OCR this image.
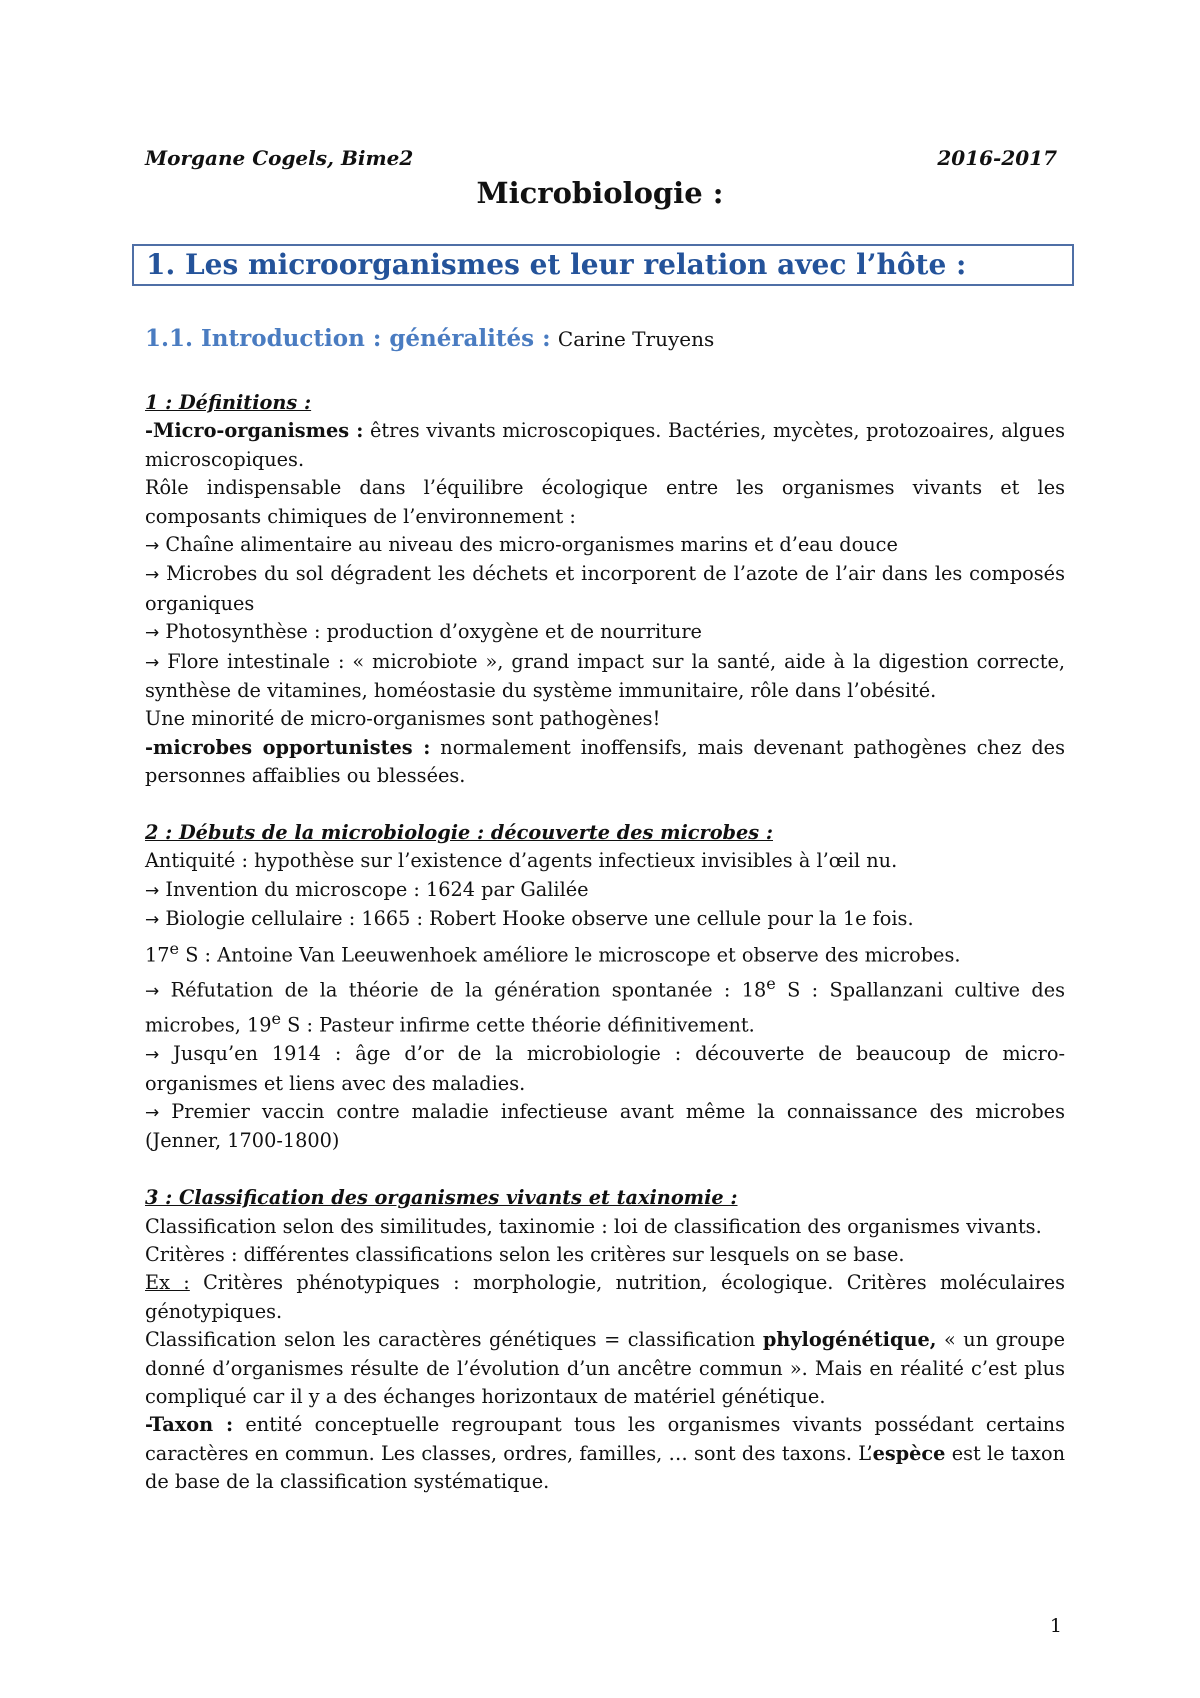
Morgane Cogels, Bime2	2016-2017
Microbiologie :
1. Les microorganismes et leur relation avec l’hôte :
1.1. Introduction : généralités : Carine Truyens

1 : Définitions :

-Micro-organismes : êtres vivants microscopiques. Bactéries, mycètes, protozoaires, algues microscopiques.

Rôle indispensable dans l’équilibre écologique entre les organismes vivants et les composants chimiques de l’environnement :

→ Chaîne alimentaire au niveau des micro-organismes marins et d’eau douce

→ Microbes du sol dégradent les déchets et incorporent de l’azote de l’air dans les composés organiques

→ Photosynthèse : production d’oxygène et de nourriture

→ Flore intestinale : « microbiote », grand impact sur la santé, aide à la digestion correcte, synthèse de vitamines, homéostasie du système immunitaire, rôle dans l’obésité.

Une minorité de micro-organismes sont pathogènes!

-microbes opportunistes : normalement inoffensifs, mais devenant pathogènes chez des personnes affaiblies ou blessées.

2 : Débuts de la microbiologie : découverte des microbes :

Antiquité : hypothèse sur l’existence d’agents infectieux invisibles à l’œil nu.

→ Invention du microscope : 1624 par Galilée

→ Biologie cellulaire : 1665 : Robert Hooke observe une cellule pour la 1e fois.

17e S : Antoine Van Leeuwenhoek améliore le microscope et observe des microbes.

→ Réfutation de la théorie de la génération spontanée : 18e S : Spallanzani cultive des microbes, 19e S : Pasteur infirme cette théorie définitivement.

→ Jusqu’en 1914 : âge d’or de la microbiologie : découverte de beaucoup de micro-organismes et liens avec des maladies.

→ Premier vaccin contre maladie infectieuse avant même la connaissance des microbes (Jenner, 1700-1800)

3 : Classification des organismes vivants et taxinomie :

Classification selon des similitudes, taxinomie : loi de classification des organismes vivants.

Critères : différentes classifications selon les critères sur lesquels on se base.

Ex : Critères phénotypiques : morphologie, nutrition, écologique. Critères moléculaires génotypiques.

Classification selon les caractères génétiques = classification phylogénétique, « un groupe donné d’organismes résulte de l’évolution d’un ancêtre commun ». Mais en réalité c’est plus compliqué car il y a des échanges horizontaux de matériel génétique.

-Taxon : entité conceptuelle regroupant tous les organismes vivants possédant certains caractères en commun. Les classes, ordres, familles, … sont des taxons. L’espèce est le taxon de base de la classification systématique.

1
